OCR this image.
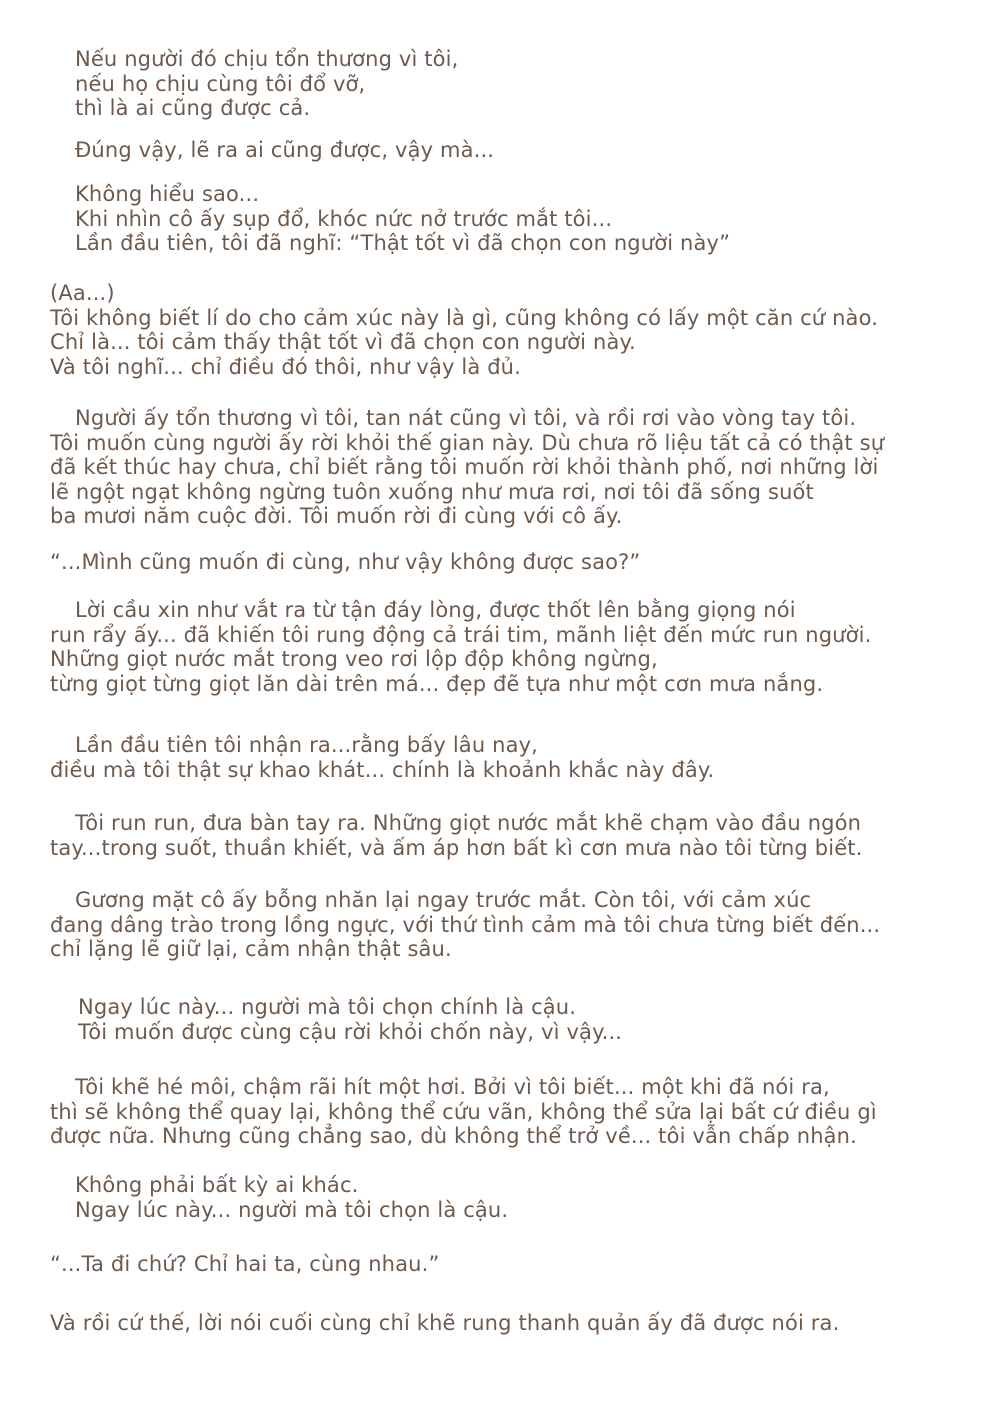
Nếu người đó chịu tổn thương vì tôi,
nếu họ chịu cùng tôi đổ vỡ,
thì là ai cũng được cả.
Đúng vậy, lẽ ra ai cũng được, vậy mà...
Không hiểu sao...
Khi nhìn cô ấy sụp đổ, khóc nức nở trước mắt tôi...
Lần đầu tiên, tôi đã nghĩ: “Thật tốt vì đã chọn con người này”
(Aa...)
Tôi không biết lí do cho cảm xúc này là gì, cũng không có lấy một căn cứ nào.
Chỉ là... tôi cảm thấy thật tốt vì đã chọn con người này.
Và tôi nghĩ... chỉ điều đó thôi, như vậy là đủ.
Người ấy tổn thương vì tôi, tan nát cũng vì tôi, và rồi rơi vào vòng tay tôi.
Tôi muốn cùng người ấy rời khỏi thế gian này. Dù chưa rõ liệu tất cả có thật sự
đã kết thúc hay chưa, chỉ biết rằng tôi muốn rời khỏi thành phố, nơi những lời
lẽ ngột ngạt không ngừng tuôn xuống như mưa rơi, nơi tôi đã sống suốt
ba mươi năm cuộc đời. Tôi muốn rời đi cùng với cô ấy.
“...Mình cũng muốn đi cùng, như vậy không được sao?”
Lời cầu xin như vắt ra từ tận đáy lòng, được thốt lên bằng giọng nói
run rẩy ấy... đã khiến tôi rung động cả trái tim, mãnh liệt đến mức run người.
Những giọt nước mắt trong veo rơi lộp độp không ngừng,
từng giọt từng giọt lăn dài trên má... đẹp đẽ tựa như một cơn mưa nắng.
Lần đầu tiên tôi nhận ra...rằng bấy lâu nay,
điều mà tôi thật sự khao khát... chính là khoảnh khắc này đây.
Tôi run run, đưa bàn tay ra. Những giọt nước mắt khẽ chạm vào đầu ngón
tay...trong suốt, thuần khiết, và ấm áp hơn bất kì cơn mưa nào tôi từng biết.
Gương mặt cô ấy bỗng nhăn lại ngay trước mắt. Còn tôi, với cảm xúc
đang dâng trào trong lồng ngực, với thứ tình cảm mà tôi chưa từng biết đến...
chỉ lặng lẽ giữ lại, cảm nhận thật sâu.
Ngay lúc này... người mà tôi chọn chính là cậu.
Tôi muốn được cùng cậu rời khỏi chốn này, vì vậy...
Tôi khẽ hé môi, chậm rãi hít một hơi. Bởi vì tôi biết... một khi đã nói ra,
thì sẽ không thể quay lại, không thể cứu vãn, không thể sửa lại bất cứ điều gì
được nữa. Nhưng cũng chẳng sao, dù không thể trở về... tôi vẫn chấp nhận.
Không phải bất kỳ ai khác.
Ngay lúc này... người mà tôi chọn là cậu.
“...Ta đi chứ? Chỉ hai ta, cùng nhau.”
Và rồi cứ thế, lời nói cuối cùng chỉ khẽ rung thanh quản ấy đã được nói ra.
